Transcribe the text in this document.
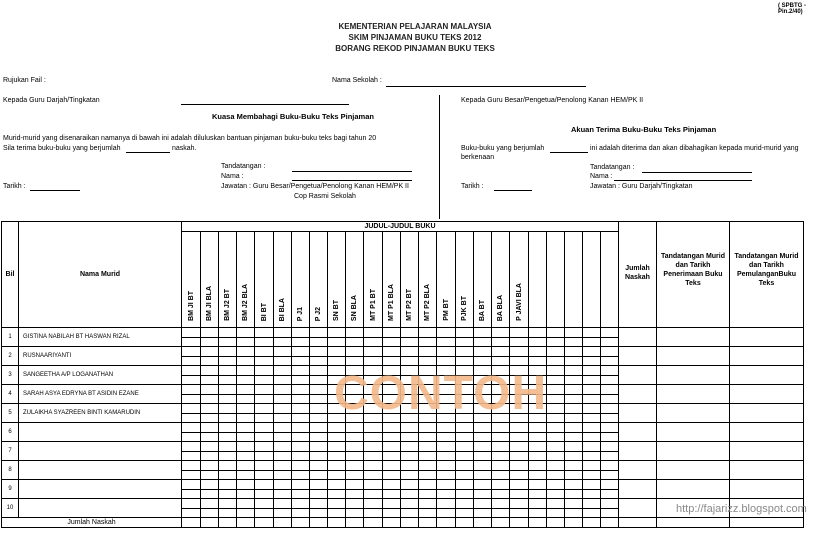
( SPBTG - Pin.2/40)
KEMENTERIAN PELAJARAN MALAYSIA
SKIM PINJAMAN BUKU TEKS 2012
BORANG REKOD PINJAMAN BUKU TEKS
Rujukan Fail :	Nama Sekolah :
Kepada Guru Darjah/Tingkatan
Kuasa Membahagi Buku-Buku Teks Pinjaman
Murid-murid yang disenaraikan namanya di bawah ini adalah diluluskan bantuan pinjaman buku-buku teks bagi tahun 20
Sila terima buku-buku yang berjumlah	naskah.
Tandatangan :
Nama :
Jawatan : Guru Besar/Pengetua/Penolong Kanan HEM/PK II
Cop Rasmi Sekolah
Tarikh :
Kepada Guru Besar/Pengetua/Penolong Kanan HEM/PK II
Akuan Terima Buku-Buku Teks Pinjaman
Buku-buku yang berjumlah	ini adalah diterima dan akan dibahagikan kepada murid-murid yang
berkenaan
Tandatangan :
Nama :
Jawatan : Guru Darjah/Tingkatan
Tarikh :
Bil	Nama Murid	JUDUL-JUDUL BUKU																								Jumlah Naskah	Tandatangan Murid dan Tarikh Penerimaan Buku Teks	Tandatangan Murid dan Tarikh PemulanganBuku Teks
		BM JI BT	BM JI BLA	BM J2 BT	BM J2 BLA	BI BT	BI BLA	P J1	P J2	SN BT	SN BLA	MT P1 BT	MT P1 BLA	MT P2 BT	MT P2 BLA	PM BT	PJK BT	BA BT	BA BLA	P JAVI BLA								
1	GISTINA NABILAH BT HASWAN RIZAL																											

2	RUSNAARIYANTI																											

3	SANGEETHA A/P LOGANATHAN																											

4	SARAH ASYA EDRYNA BT ASIDIN EZANE																											

5	ZULAIKHA SYAZREEN BINTI KAMARUDIN																											

6																												

7																												

8																												

9																												

10																												

Jumlah Naskah																												
CONTOH
http://fajarizz.blogspot.com
